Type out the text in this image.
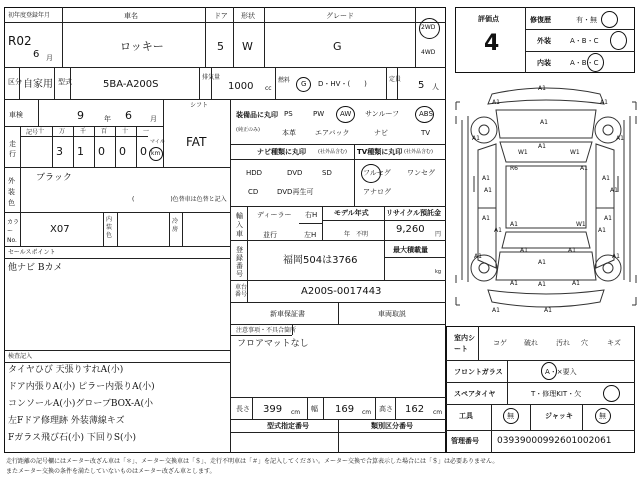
初年度登録年月
R02
6 月
車名
ロッキー
ドア
5
形状
W
グレード
G
2WD
4WD
区分 自家用 型式	5BA-A200S
排気量
1000 cc
燃料 G D・HV・(　　)
定員
5 人
車検	9	年 6	月
シフト
FAT
走行
記号 十 万 千 百 十 一
3 1 0 0 0
マイル
km
外装色
ブラック
(　　　　　　)色替車は色替と記入
カラー No.
X07
内装色
冷房
セールスポイント
他ナビ Bカメ
検査記入
タイヤひび 天張りすれA(小)
ドア内張りA(小) ピラー内張りA(小)
コンソールA(小)グローブBOX-A(小
左Fドア修理跡 外装薄線キズ
Fガラス飛び石(小) 下回りS(小)
装備品に丸印
(純正のみ)
PS	PW AW サンルーフ	ABS
本革	エアバック	ナビ	TV
ナビ種類に丸印 (社外品含む) TV種類に丸印 (社外品含む)
HDD	DVD	SD
CD	DVD再生可
フルセグ ワンセグ
アナログ
輸入車
ディーラー
並行
右H
左H
モデル年式
年　不明
リサイクル預託金
9,260 円
登録番号
福岡504は3766
最大積載量
kg
車台番号	A200S-0017443
新車保証書	車両取説
注意事項・不具合箇所
フロアマットなし
長さ 399 cm 幅 169 cm 高さ 162 cm
型式指定番号	類別区分番号
評価点
4
修復歴	有・無
外装	A・B・C
内装	A・B・C
A1
A1
A1	A1
A1	A1
A1	A1
A1	A1
W1	W1
A1	W1
A1	A1
A1	A1
A1	A1
A1	A1	A1
A1	A1
A1
A1
A1
R6
A1
A1
室内シート
コゲ 破れ	汚れ 穴	キズ
フロントガラス	A・×要入
スペアタイヤ	T・修理KIT・欠
工具	無	ジャッキ	無
管理番号 03939000992601002061
走行距離の記号欄にはメーター改ざん車は「＊」、メーター交換車は「＄」、走行不明車は「＃」を記入してください。メーター交換で合算表示した場合には「＄」は必要ありません。
またメーター交換の条件を満たしていないものはメーター改ざん車とします。
